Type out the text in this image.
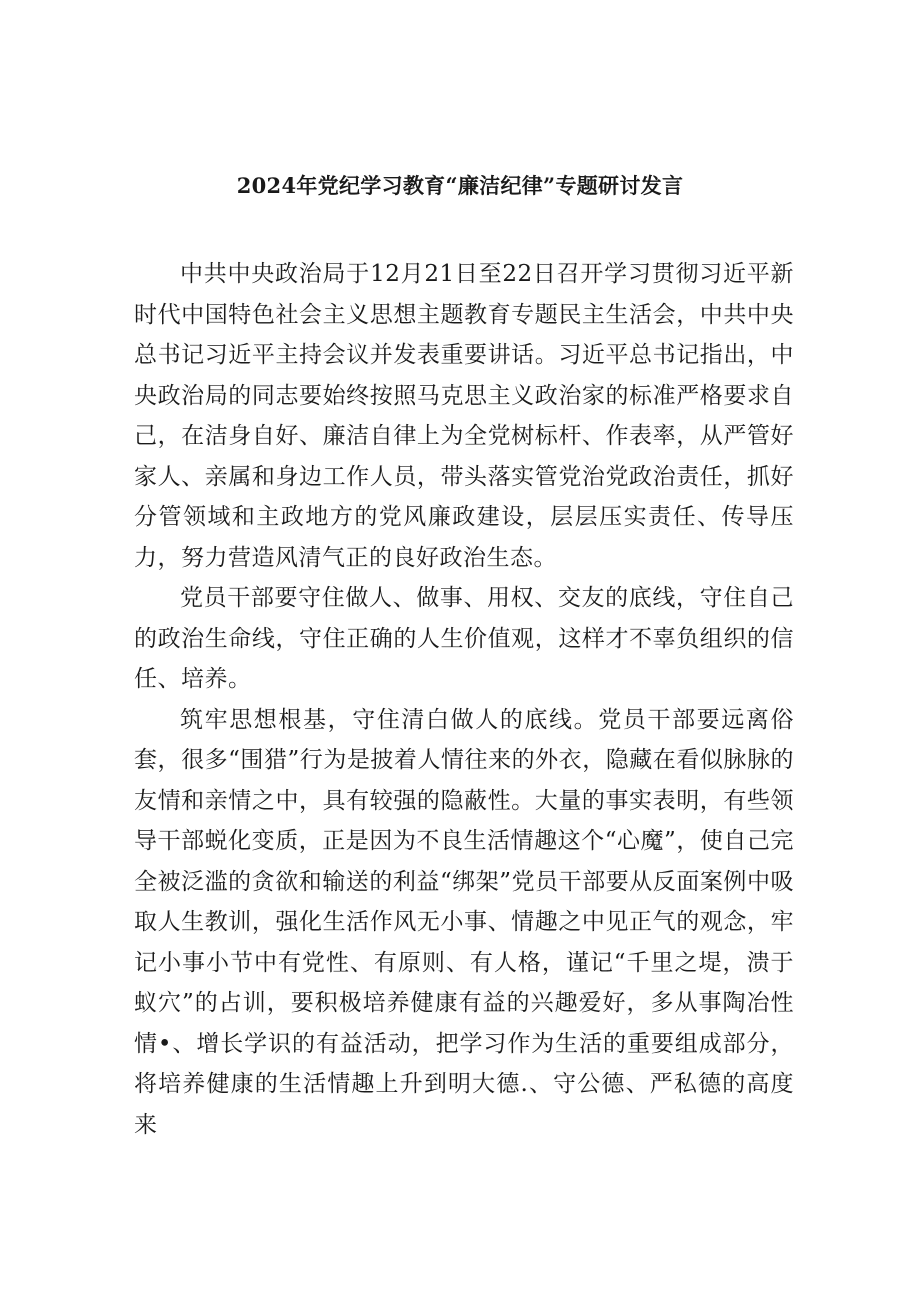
2024年党纪学习教育“廉洁纪律”专题研讨发言

中共中央政治局于12月21日至22日召开学习贯彻习近平新时代中国特色社会主义思想主题教育专题民主生活会，中共中央总书记习近平主持会议并发表重要讲话。习近平总书记指出，中央政治局的同志要始终按照马克思主义政治家的标准严格要求自己，在洁身自好、廉洁自律上为全党树标杆、作表率，从严管好家人、亲属和身边工作人员，带头落实管党治党政治责任，抓好分管领域和主政地方的党风廉政建设，层层压实责任、传导压力，努力营造风清气正的良好政治生态。

党员干部要守住做人、做事、用权、交友的底线，守住自己的政治生命线，守住正确的人生价值观，这样才不辜负组织的信任、培养。

筑牢思想根基，守住清白做人的底线。党员干部要远离俗套，很多“围猎”行为是披着人情往来的外衣，隐藏在看似脉脉的友情和亲情之中，具有较强的隐蔽性。大量的事实表明，有些领导干部蜕化变质，正是因为不良生活情趣这个“心魔”，使自己完全被泛滥的贪欲和输送的利益“绑架”党员干部要从反面案例中吸取人生教训，强化生活作风无小事、情趣之中见正气的观念，牢记小事小节中有党性、有原则、有人格，谨记“千里之堤，溃于蚁穴”的占训，要积极培养健康有益的兴趣爱好，多从事陶冶性情•、增长学识的有益活动，把学习作为生活的重要组成部分，将培养健康的生活情趣上升到明大德.、守公德、严私德的高度来
